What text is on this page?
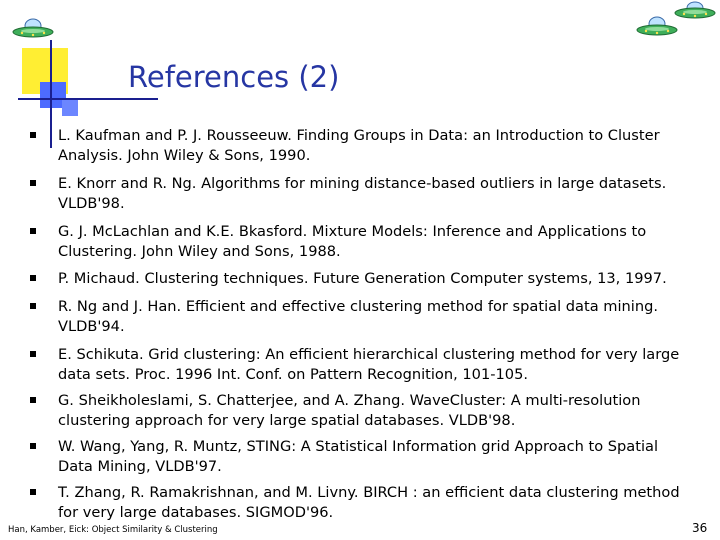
References (2)
L. Kaufman and P. J. Rousseeuw. Finding Groups in Data: an Introduction to Cluster Analysis. John Wiley & Sons, 1990.
E. Knorr and R. Ng. Algorithms for mining distance-based outliers in large datasets. VLDB'98.
G. J. McLachlan and K.E. Bkasford. Mixture Models: Inference and Applications to Clustering. John Wiley and Sons, 1988.
P. Michaud. Clustering techniques. Future Generation Computer systems, 13, 1997.
R. Ng and J. Han. Efficient and effective clustering method for spatial data mining. VLDB'94.
E. Schikuta. Grid clustering: An efficient hierarchical clustering method for very large data sets. Proc. 1996 Int. Conf. on Pattern Recognition, 101-105.
G. Sheikholeslami, S. Chatterjee, and A. Zhang. WaveCluster: A multi-resolution clustering approach for very large spatial databases. VLDB'98.
W. Wang, Yang, R. Muntz, STING: A Statistical Information grid Approach to Spatial Data Mining, VLDB'97.
T. Zhang, R. Ramakrishnan, and M. Livny. BIRCH : an efficient data clustering method for very large databases. SIGMOD'96.
Han, Kamber, Eick: Object Similarity & Clustering	36
